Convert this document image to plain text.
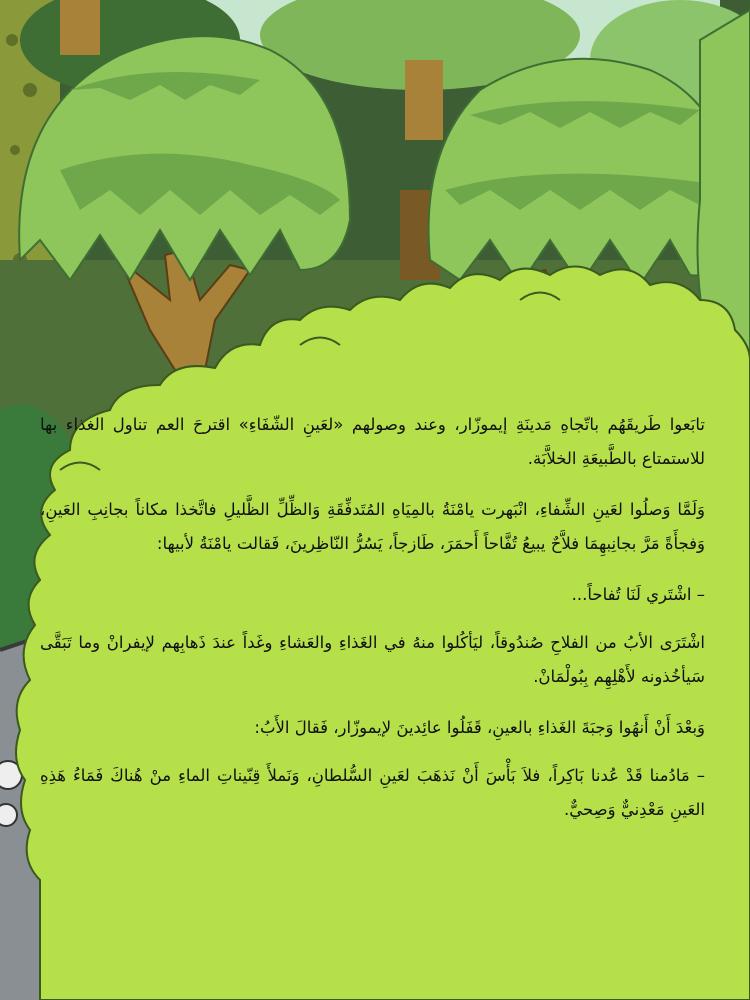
تابَعوا طَريقَهُم باتّجاهِ مَدينَةِ إيموزّار، وعند وصولهم «لعَينِ الشّفَاءِ» اقترحَ العم تناول الغذاء بها للاستمتاع بالطَّبيعَةِ الخلاَّبَة.

وَلَمَّا وَصلُوا لعَينِ الشِّفاءِ، انْبَهرت يامْنَةُ بالمِيَاهِ المُتَدفِّقَةِ وَالظِّلِّ الظَّليلِ فاتَّخذا مكاناً بجانِبِ العَينِ، وَفجأَةً مَرَّ بجانِبهِمَا فلاَّحٌ يبيعُ تُفَّاحاً أَحمَرَ، طَازجاً، يَسُرُّ النّاظِرينَ، فَقالت يامْنَةُ لأبيها:

– اشْتَري لَنَا تُفاحاً...

اشْتَرَى الأبُ من الفلاحِ صُندُوقاً، ليَأكُلوا منهُ في الغَذاءِ والعَشاءِ وغَداً عندَ ذَهابِهم لإيفرانْ وما تَبَقَّى سَيأخُذونه لأَهْلِهِم بِبُولْمَانْ.

وَبعْدَ أَنْ أَنهُوا وَجبَةَ الغَذاءِ بالعينِ، قَفَلُوا عائِدينَ لإيموزّار، فَقالَ الأَبُ:

– مَادُمنا قَدْ عُدنا بَاكِراً، فلاَ بَأْسَ أَنْ نَذهَبَ لعَينِ السُّلطانِ، وَنَملأَ قِنّيناتِ الماءِ منْ هُناكَ فَمَاءُ هَذِهِ العَينِ مَعْدِنيٌّ وَصِحيٌّ.
